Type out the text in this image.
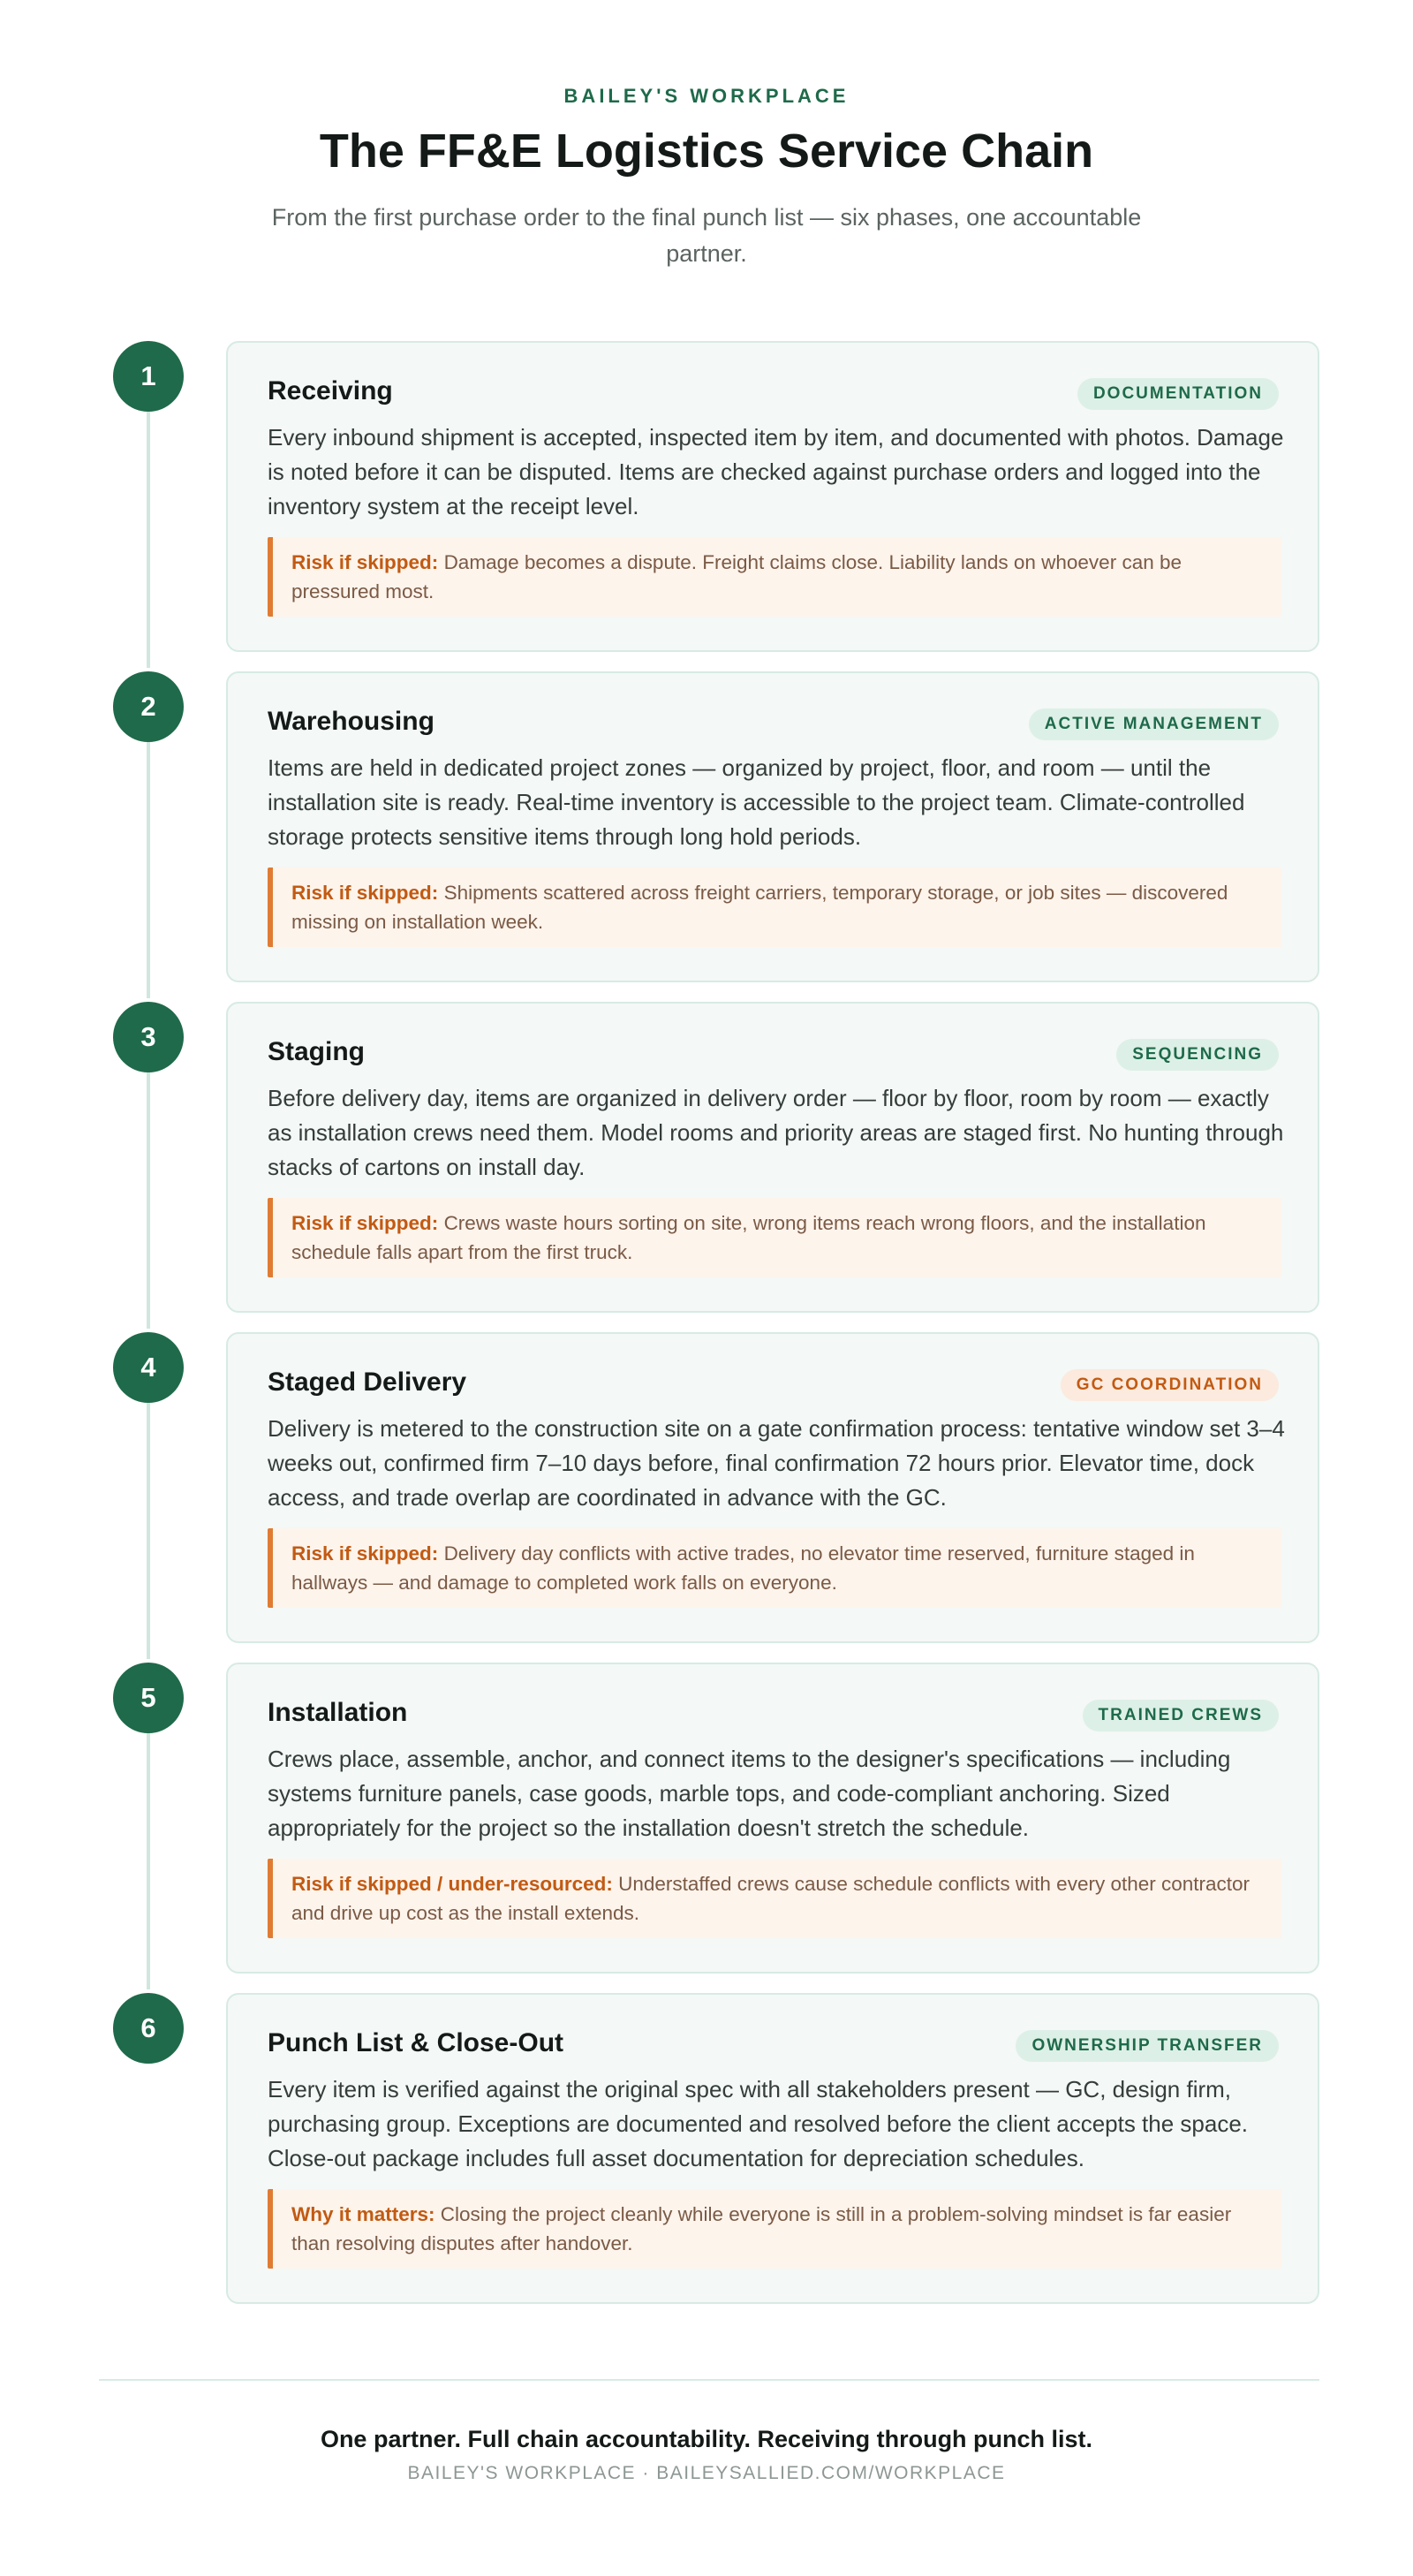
BAILEY'S WORKPLACE
The FF&E Logistics Service Chain

From the first purchase order to the final punch list — six phases, one accountable partner.

1	Receiving	DOCUMENTATION

Every inbound shipment is accepted, inspected item by item, and documented with photos. Damage is noted before it can be disputed. Items are checked against purchase orders and logged into the inventory system at the receipt level.

Risk if skipped: Damage becomes a dispute. Freight claims close. Liability lands on whoever can be pressured most.
2	Warehousing	ACTIVE MANAGEMENT

Items are held in dedicated project zones — organized by project, floor, and room — until the installation site is ready. Real-time inventory is accessible to the project team. Climate-controlled storage protects sensitive items through long hold periods.

Risk if skipped: Shipments scattered across freight carriers, temporary storage, or job sites — discovered missing on installation week.
3	Staging	SEQUENCING

Before delivery day, items are organized in delivery order — floor by floor, room by room — exactly as installation crews need them. Model rooms and priority areas are staged first. No hunting through stacks of cartons on install day.

Risk if skipped: Crews waste hours sorting on site, wrong items reach wrong floors, and the installation schedule falls apart from the first truck.
4	Staged Delivery	GC COORDINATION

Delivery is metered to the construction site on a gate confirmation process: tentative window set 3–4 weeks out, confirmed firm 7–10 days before, final confirmation 72 hours prior. Elevator time, dock access, and trade overlap are coordinated in advance with the GC.

Risk if skipped: Delivery day conflicts with active trades, no elevator time reserved, furniture staged in hallways — and damage to completed work falls on everyone.
5	Installation	TRAINED CREWS

Crews place, assemble, anchor, and connect items to the designer's specifications — including systems furniture panels, case goods, marble tops, and code-compliant anchoring. Sized appropriately for the project so the installation doesn't stretch the schedule.

Risk if skipped / under-resourced: Understaffed crews cause schedule conflicts with every other contractor and drive up cost as the install extends.
6	Punch List & Close-Out	OWNERSHIP TRANSFER

Every item is verified against the original spec with all stakeholders present — GC, design firm, purchasing group. Exceptions are documented and resolved before the client accepts the space. Close-out package includes full asset documentation for depreciation schedules.

Why it matters: Closing the project cleanly while everyone is still in a problem-solving mindset is far easier than resolving disputes after handover.
One partner. Full chain accountability. Receiving through punch list.
BAILEY'S WORKPLACE · BAILEYSALLIED.COM/WORKPLACE
